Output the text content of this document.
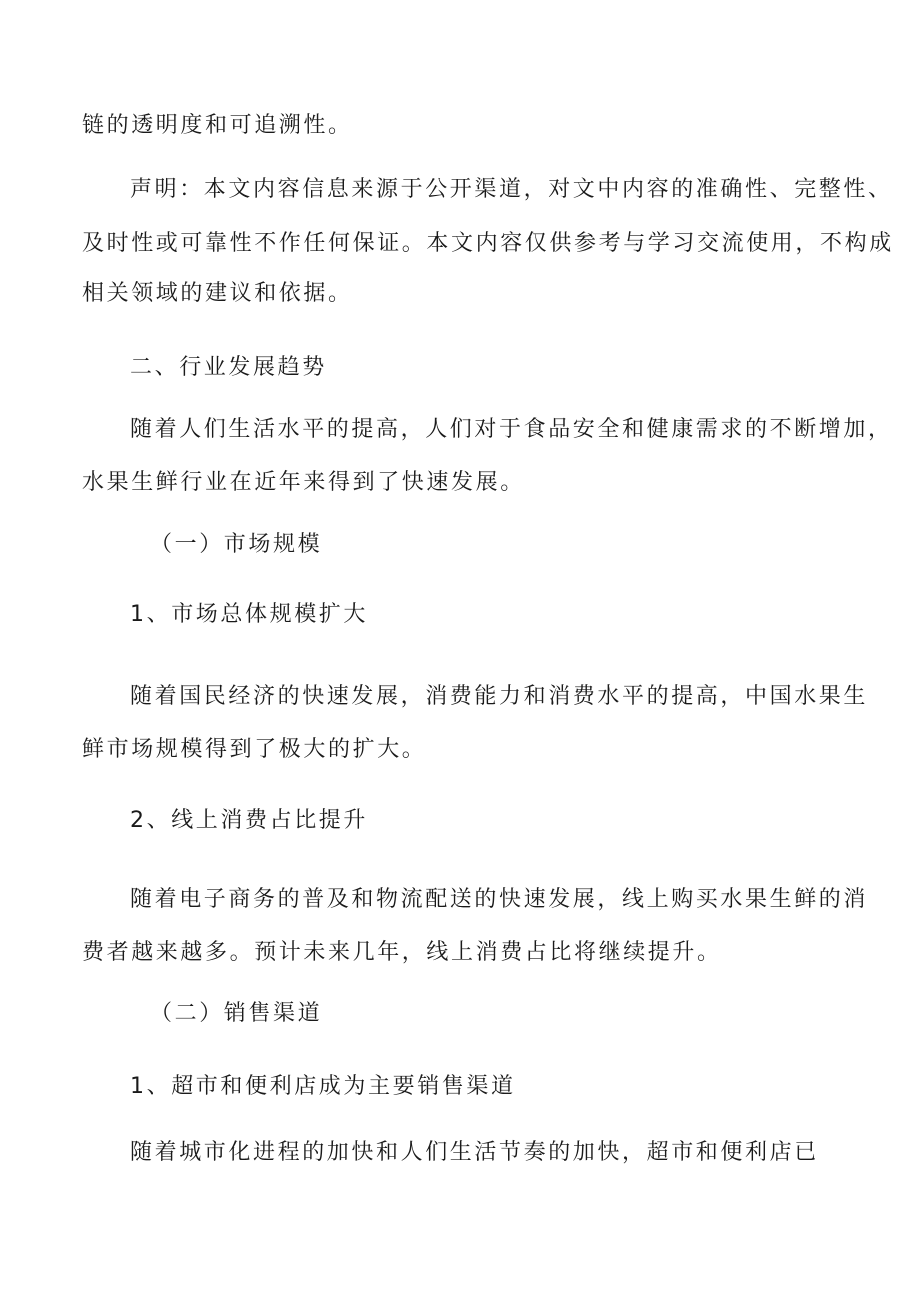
链的透明度和可追溯性。
声明：本文内容信息来源于公开渠道，对文中内容的准确性、完整性、
及时性或可靠性不作任何保证。本文内容仅供参考与学习交流使用，不构成
相关领域的建议和依据。
二、行业发展趋势
随着人们生活水平的提高，人们对于食品安全和健康需求的不断增加，
水果生鲜行业在近年来得到了快速发展。
（一）市场规模
1、市场总体规模扩大
随着国民经济的快速发展，消费能力和消费水平的提高，中国水果生
鲜市场规模得到了极大的扩大。
2、线上消费占比提升
随着电子商务的普及和物流配送的快速发展，线上购买水果生鲜的消
费者越来越多。预计未来几年，线上消费占比将继续提升。
（二）销售渠道
1、超市和便利店成为主要销售渠道
随着城市化进程的加快和人们生活节奏的加快，超市和便利店已
